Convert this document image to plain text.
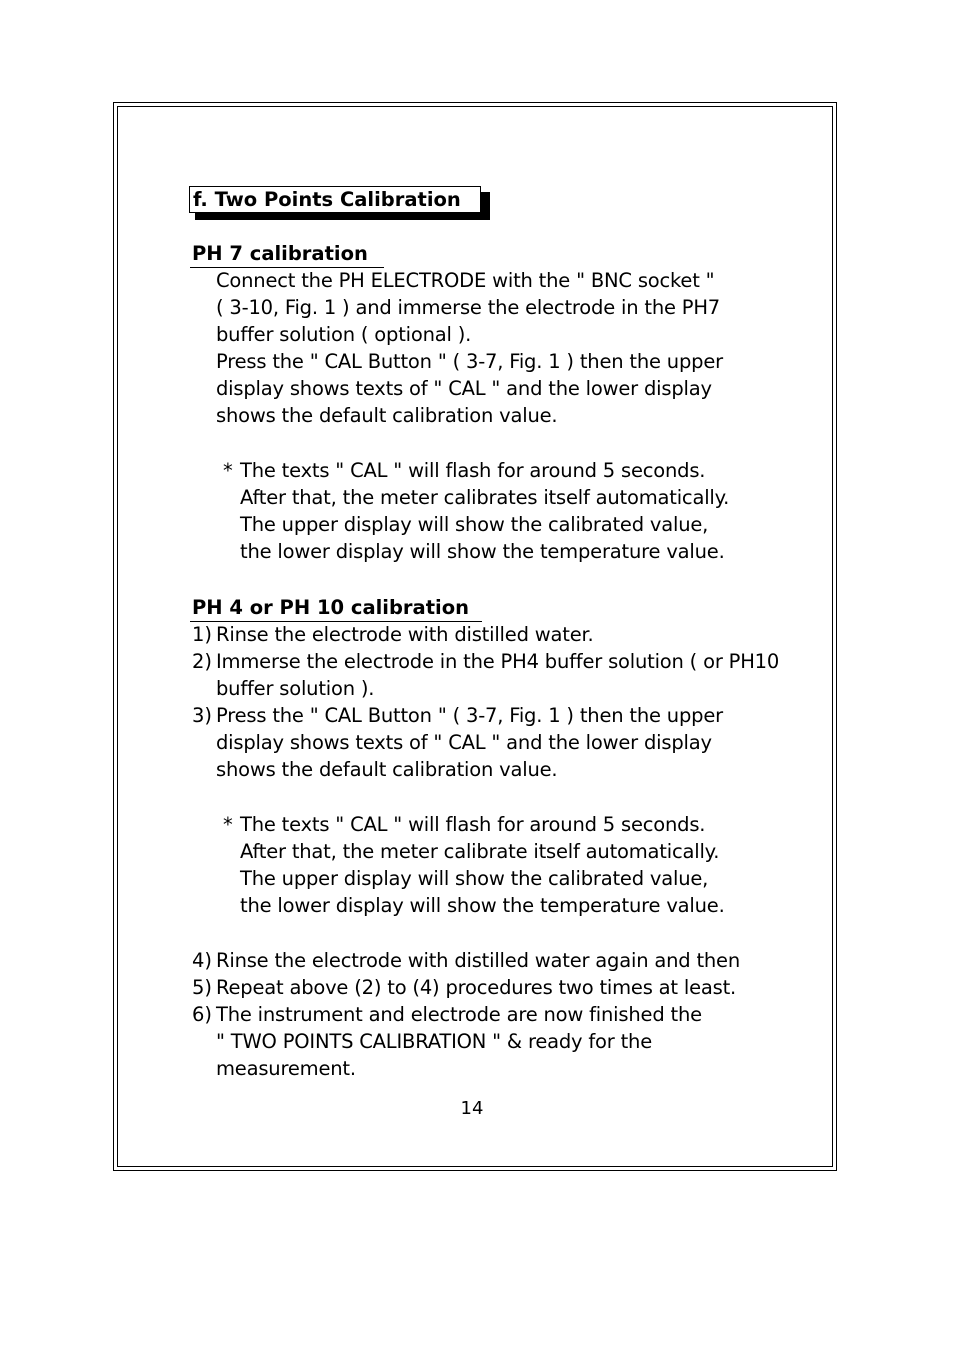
f. Two Points Calibration
PH 7 calibration
Connect the PH ELECTRODE with the " BNC socket "
( 3-10, Fig. 1 ) and immerse the electrode in the PH7
buffer solution ( optional ).
Press the " CAL Button " ( 3-7, Fig. 1 ) then the upper
display shows texts of " CAL " and the lower display
shows the default calibration value.
* The texts " CAL " will flash for around 5 seconds.
After that, the meter calibrates itself automatically.
The upper display will show the calibrated value,
the lower display will show the temperature value.
PH 4 or PH 10 calibration
1) Rinse the electrode with distilled water.
2) Immerse the electrode in the PH4 buffer solution ( or PH10
buffer solution ).
3) Press the " CAL Button " ( 3-7, Fig. 1 ) then the upper
display shows texts of " CAL " and the lower display
shows the default calibration value.
* The texts " CAL " will flash for around 5 seconds.
After that, the meter calibrate itself automatically.
The upper display will show the calibrated value,
the lower display will show the temperature value.
4) Rinse the electrode with distilled water again and then
5) Repeat above (2) to (4) procedures two times at least.
6) The instrument and electrode are now finished the
" TWO POINTS CALIBRATION " & ready for the
measurement.
14
